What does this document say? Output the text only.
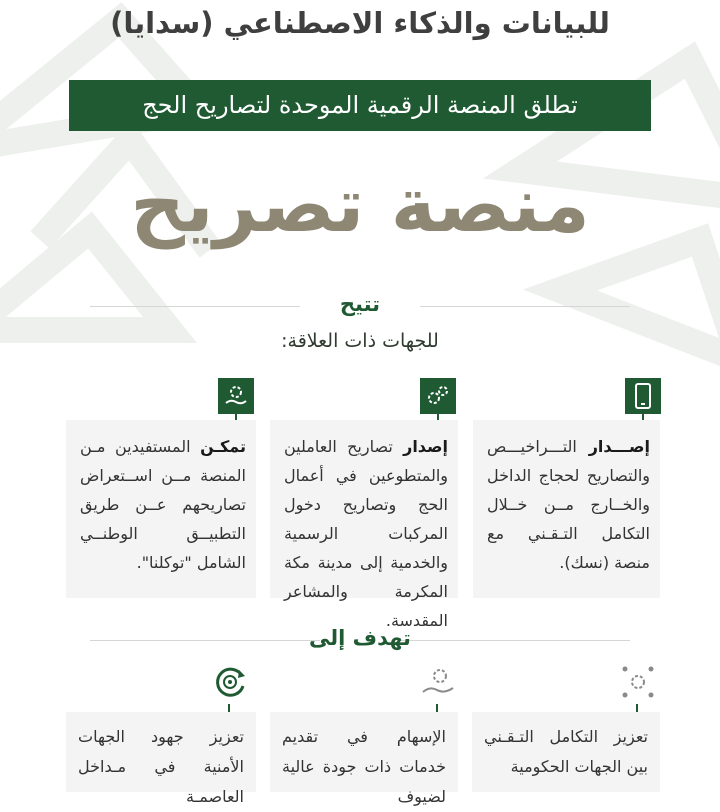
للبيانات والذكاء الاصطناعي (سدايا)
تطلق المنصة الرقمية الموحدة لتصاريح الحج
منصة تصريح
تتيح
للجهات ذات العلاقة:
إصـــدار التـــراخيـــص والتصاريح لحجاج الداخل والخــارج مــن خــلال التكامل التـقـني مع منصة (نسك).
إصدار تصاريح العاملين والمتطوعين في أعمال الحج وتصاريح دخول المركبات الرسمية والخدمية إلى مدينة مكة المكرمة والمشاعر المقدسة.
تمكـن المستفيدين مـن المنصة مــن اســتعراض تصاريحهم عــن طريق التطبيــق الوطنــي الشامل "توكلنا".
تهدف إلى
تعزيز التكامل التـقـني بين الجهات الحكومية
الإسهام في تقديم خدمات ذات جودة عالية لضيوف
تعزيز جهود الجهات الأمنية في مـداخل العاصمـة
